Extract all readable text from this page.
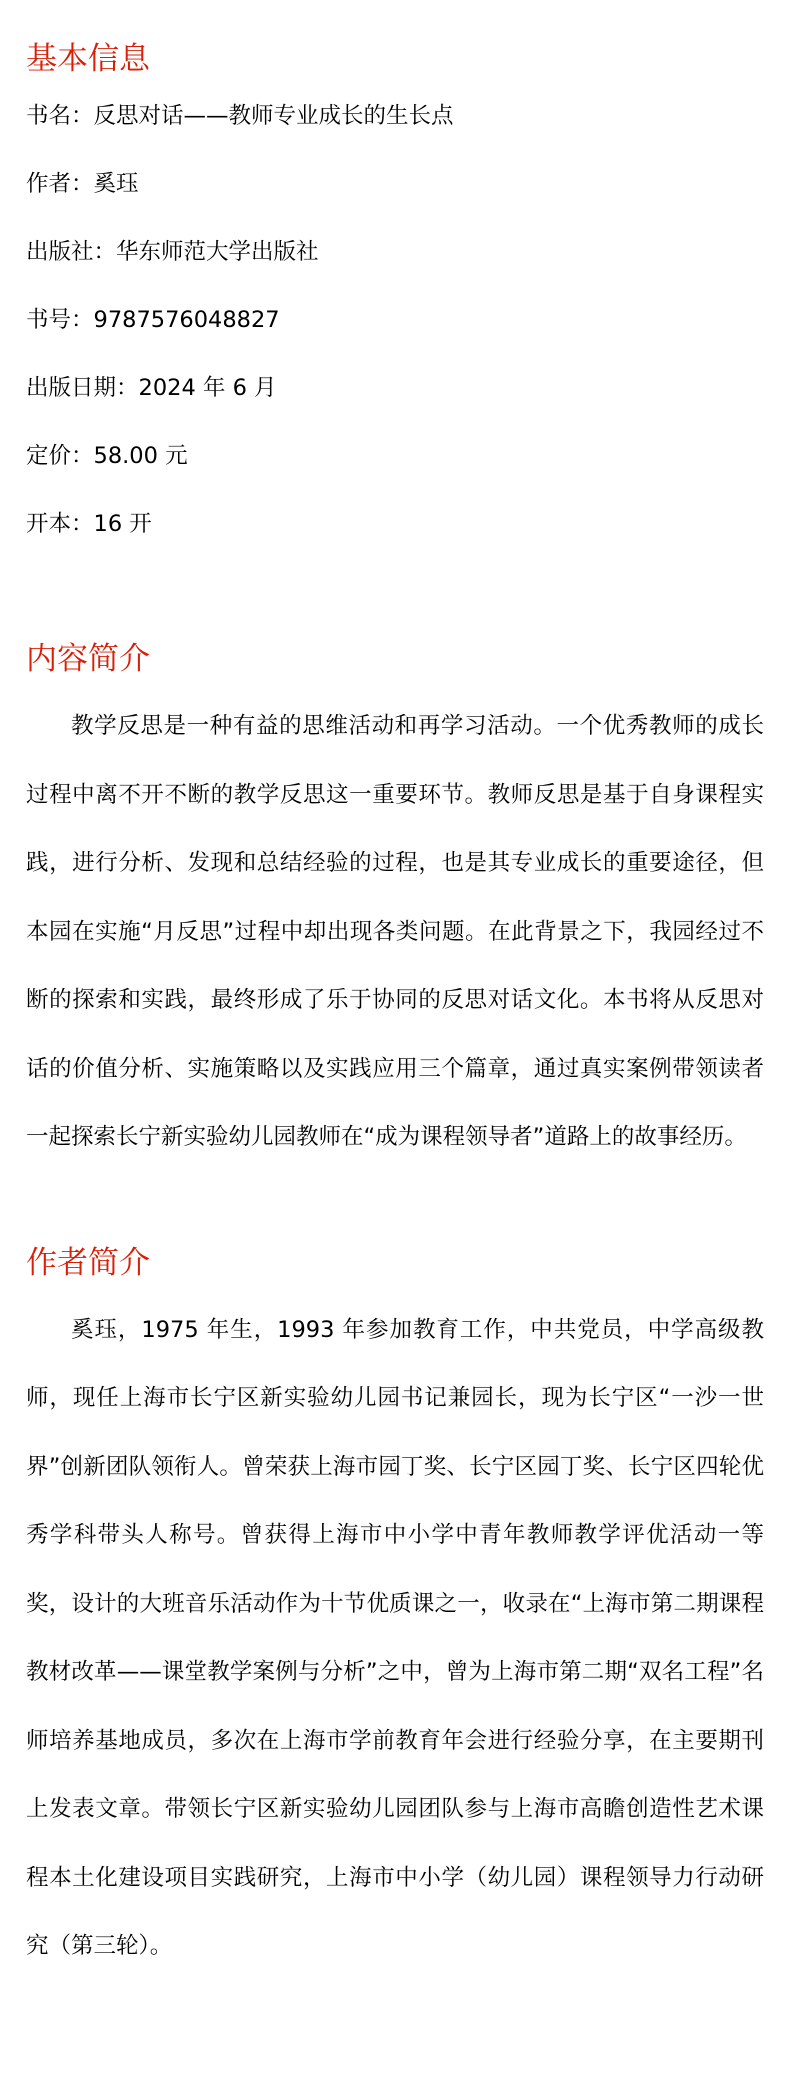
基本信息
书名：反思对话——教师专业成长的生长点
作者：奚珏
出版社：华东师范大学出版社
书号：9787576048827
出版日期：2024 年 6 月
定价：58.00 元
开本：16 开
内容简介

教学反思是一种有益的思维活动和再学习活动。一个优秀教师的成长过程中离不开不断的教学反思这一重要环节。教师反思是基于自身课程实践，进行分析、发现和总结经验的过程，也是其专业成长的重要途径，但本园在实施“月反思”过程中却出现各类问题。在此背景之下，我园经过不断的探索和实践，最终形成了乐于协同的反思对话文化。本书将从反思对话的价值分析、实施策略以及实践应用三个篇章，通过真实案例带领读者一起探索长宁新实验幼儿园教师在“成为课程领导者”道路上的故事经历。

作者简介

奚珏，1975 年生，1993 年参加教育工作，中共党员，中学高级教师，现任上海市长宁区新实验幼儿园书记兼园长，现为长宁区“一沙一世界”创新团队领衔人。曾荣获上海市园丁奖、长宁区园丁奖、长宁区四轮优秀学科带头人称号。曾获得上海市中小学中青年教师教学评优活动一等奖，设计的大班音乐活动作为十节优质课之一，收录在“上海市第二期课程教材改革——课堂教学案例与分析”之中，曾为上海市第二期“双名工程”名师培养基地成员，多次在上海市学前教育年会进行经验分享，在主要期刊上发表文章。带领长宁区新实验幼儿园团队参与上海市高瞻创造性艺术课程本土化建设项目实践研究，上海市中小学（幼儿园）课程领导力行动研究（第三轮）。
